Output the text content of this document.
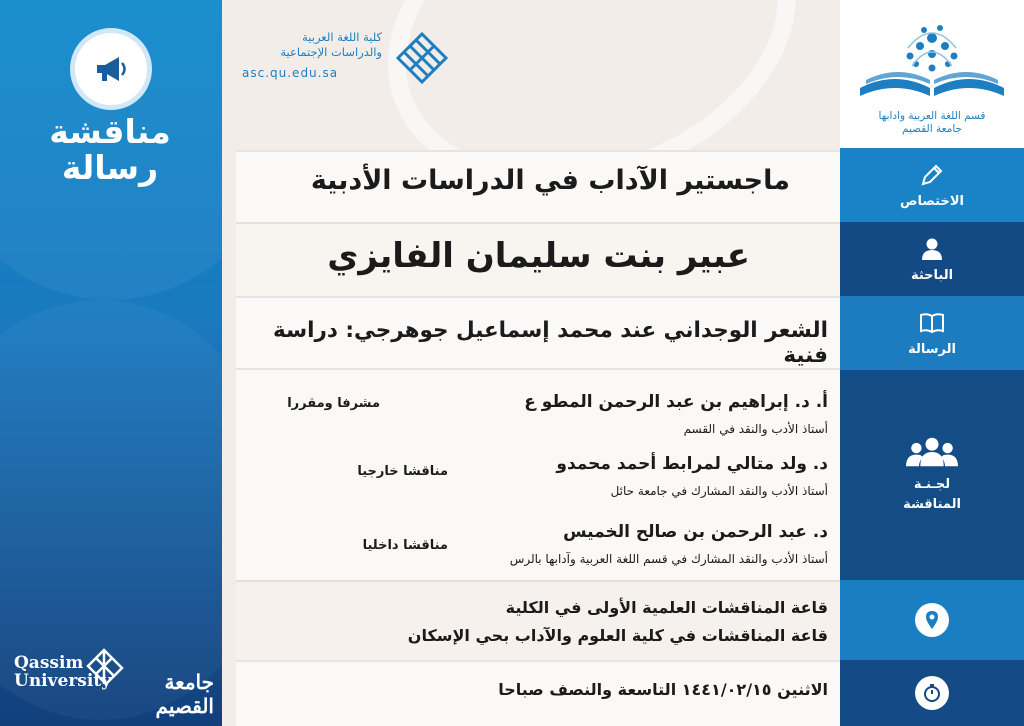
مناقشة
رسالة
Qassim
University	جامعة القصيم
كلية اللغة العربية
والدراسات الإجتماعية
asc.qu.edu.sa
ماجستير الآداب في الدراسات الأدبية
عبير بنت سليمان الفايزي
الشعر الوجداني عند محمد إسماعيل جوهرجي: دراسة فنية
أ. د. إبراهيم بن عبد الرحمن المطو ع
أستاذ الأدب والنقد في القسم
مشرفا ومقررا
د. ولد متالي لمرابط أحمد محمدو
أستاذ الأدب والنقد المشارك في جامعة حائل
مناقشا خارجيا
د. عبد الرحمن بن صالح الخميس
أستاذ الأدب والنقد المشارك في قسم اللغة العربية وآدابها بالرس
مناقشا داخليا
قاعة المناقشات العلمية الأولى في الكلية
قاعة المناقشات في كلية العلوم والآداب بحي الإسكان
الاثنين ١٤٤١/٠٢/١٥ التاسعة والنصف صباحا
قسم اللغة العربية وادابها
جامعة القصيم
الاختصاص
الباحثة
الرسالة
لجـنـة
المناقشة
